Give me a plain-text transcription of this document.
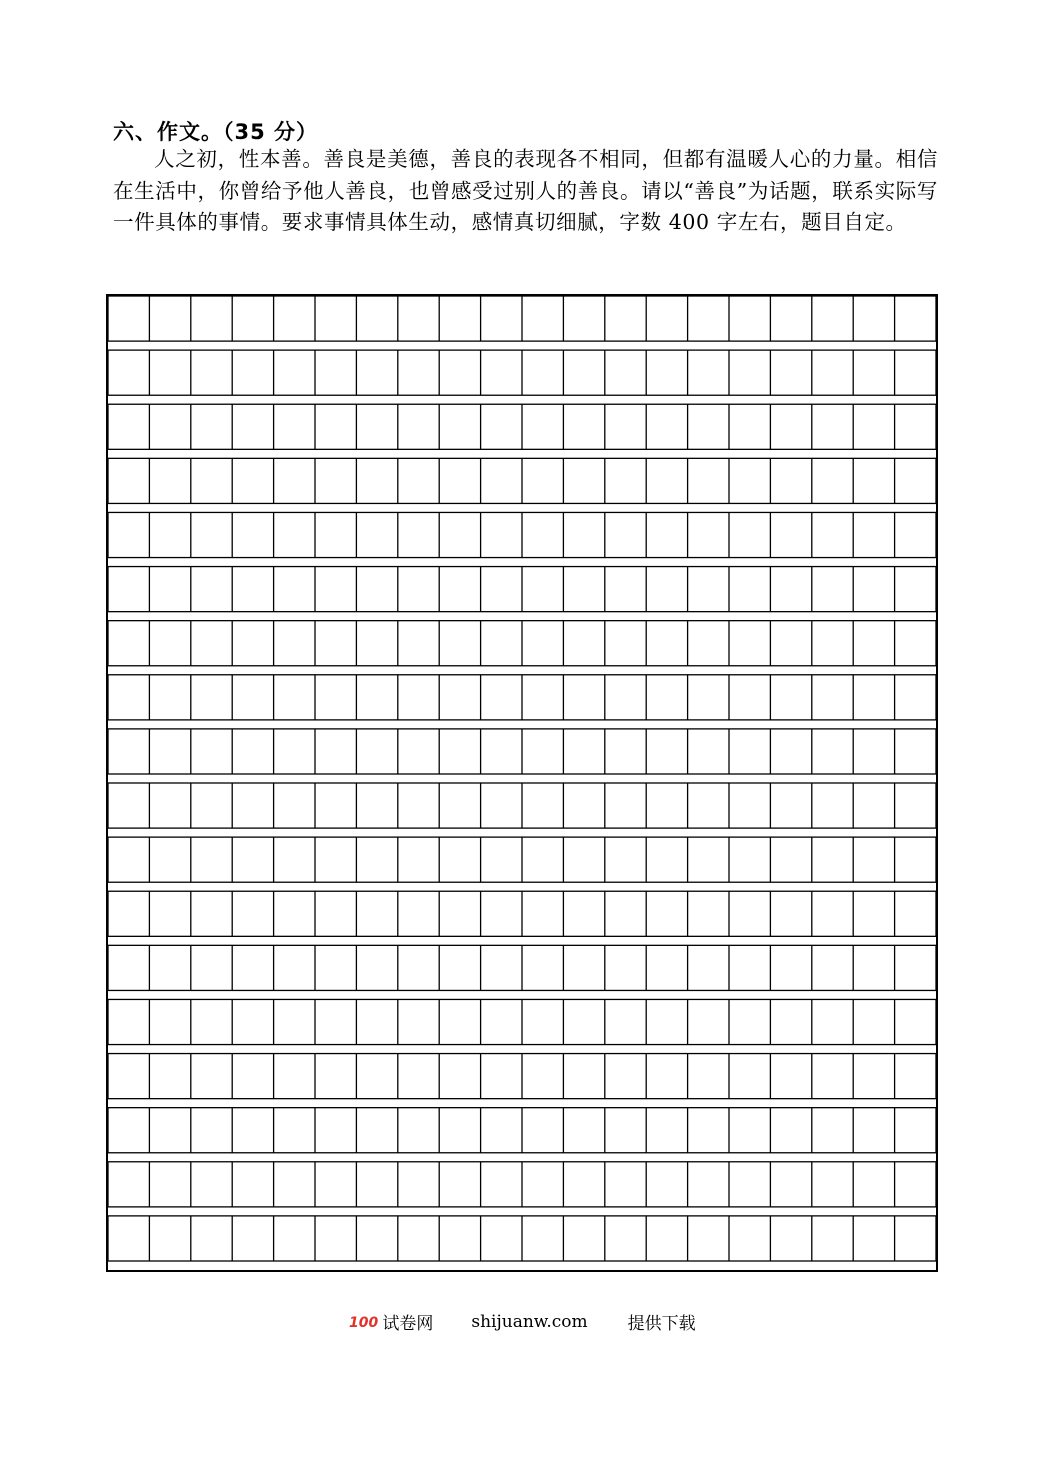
六、作文。（35 分）
人之初，性本善。善良是美德，善良的表现各不相同，但都有温暖人心的力量。相信在生活中，你曾给予他人善良，也曾感受过别人的善良。请以“善良”为话题，联系实际写一件具体的事情。要求事情具体生动，感情真切细腻，字数 400 字左右，题目自定。
100 试卷网 shijuanw.com 提供下载
